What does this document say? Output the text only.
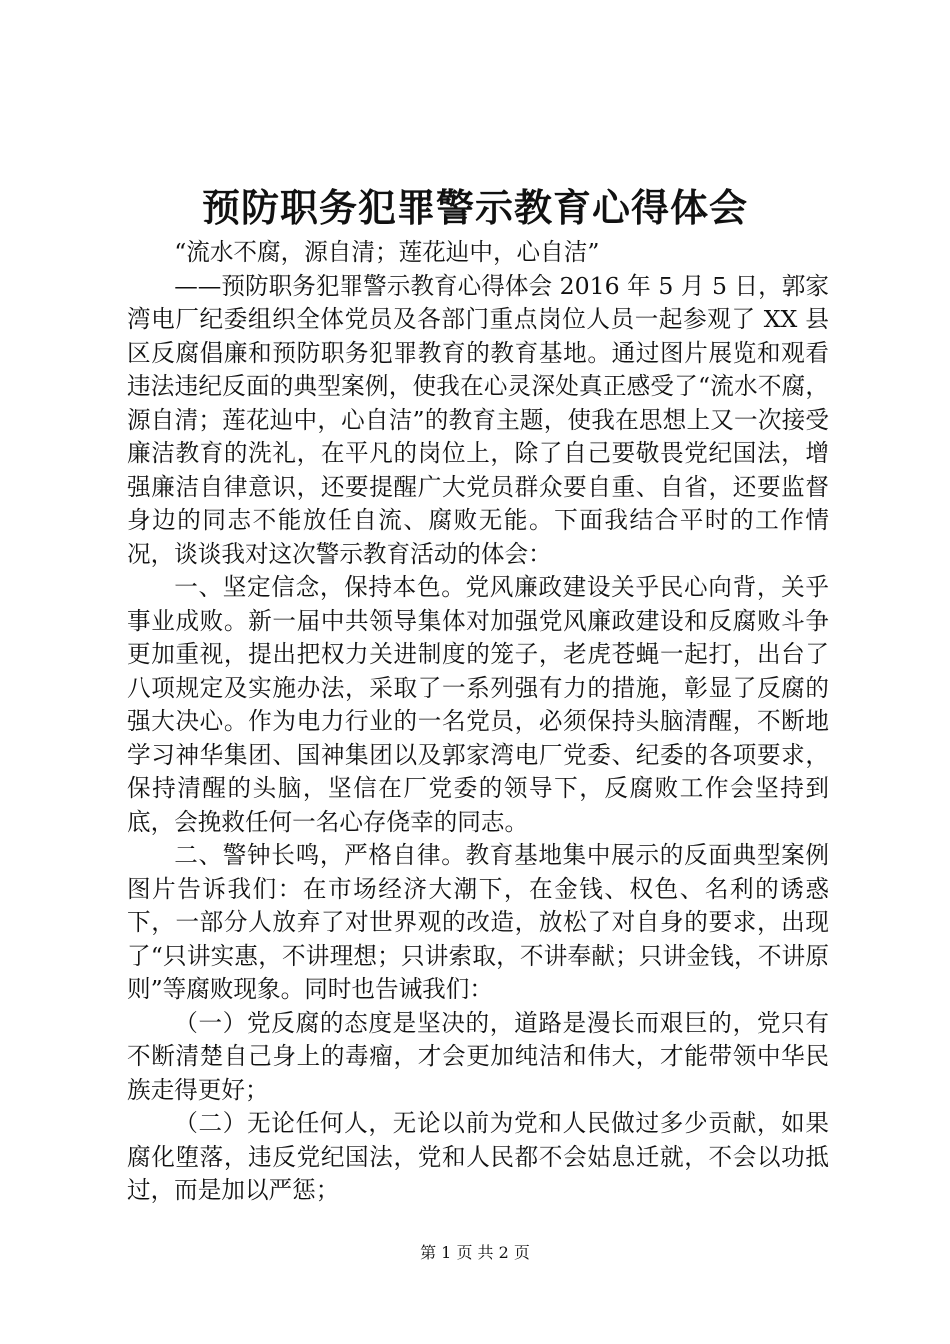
预防职务犯罪警示教育心得体会

“流水不腐，源自清；莲花辿中，心自洁”

——预防职务犯罪警示教育心得体会 2016 年 5 月 5 日，郭家湾电厂纪委组织全体党员及各部门重点岗位人员一起参观了 XX 县区反腐倡廉和预防职务犯罪教育的教育基地。通过图片展览和观看违法违纪反面的典型案例，使我在心灵深处真正感受了“流水不腐，源自清；莲花辿中，心自洁”的教育主题，使我在思想上又一次接受廉洁教育的洗礼，在平凡的岗位上，除了自己要敬畏党纪国法，增强廉洁自律意识，还要提醒广大党员群众要自重、自省，还要监督身边的同志不能放任自流、腐败无能。下面我结合平时的工作情况，谈谈我对这次警示教育活动的体会：

一、坚定信念，保持本色。党风廉政建设关乎民心向背，关乎事业成败。新一届中共领导集体对加强党风廉政建设和反腐败斗争更加重视，提出把权力关进制度的笼子，老虎苍蝇一起打，出台了八项规定及实施办法，采取了一系列强有力的措施，彰显了反腐的强大决心。作为电力行业的一名党员，必须保持头脑清醒，不断地学习神华集团、国神集团以及郭家湾电厂党委、纪委的各项要求，保持清醒的头脑，坚信在厂党委的领导下，反腐败工作会坚持到底，会挽救任何一名心存侥幸的同志。

二、警钟长鸣，严格自律。教育基地集中展示的反面典型案例图片告诉我们：在市场经济大潮下，在金钱、权色、名利的诱惑下，一部分人放弃了对世界观的改造，放松了对自身的要求，出现了“只讲实惠，不讲理想；只讲索取，不讲奉献；只讲金钱，不讲原则”等腐败现象。同时也告诫我们：

（一）党反腐的态度是坚决的，道路是漫长而艰巨的，党只有不断清楚自己身上的毒瘤，才会更加纯洁和伟大，才能带领中华民族走得更好；

（二）无论任何人，无论以前为党和人民做过多少贡献，如果腐化堕落，违反党纪国法，党和人民都不会姑息迁就，不会以功抵过，而是加以严惩；

第 1 页 共 2 页
